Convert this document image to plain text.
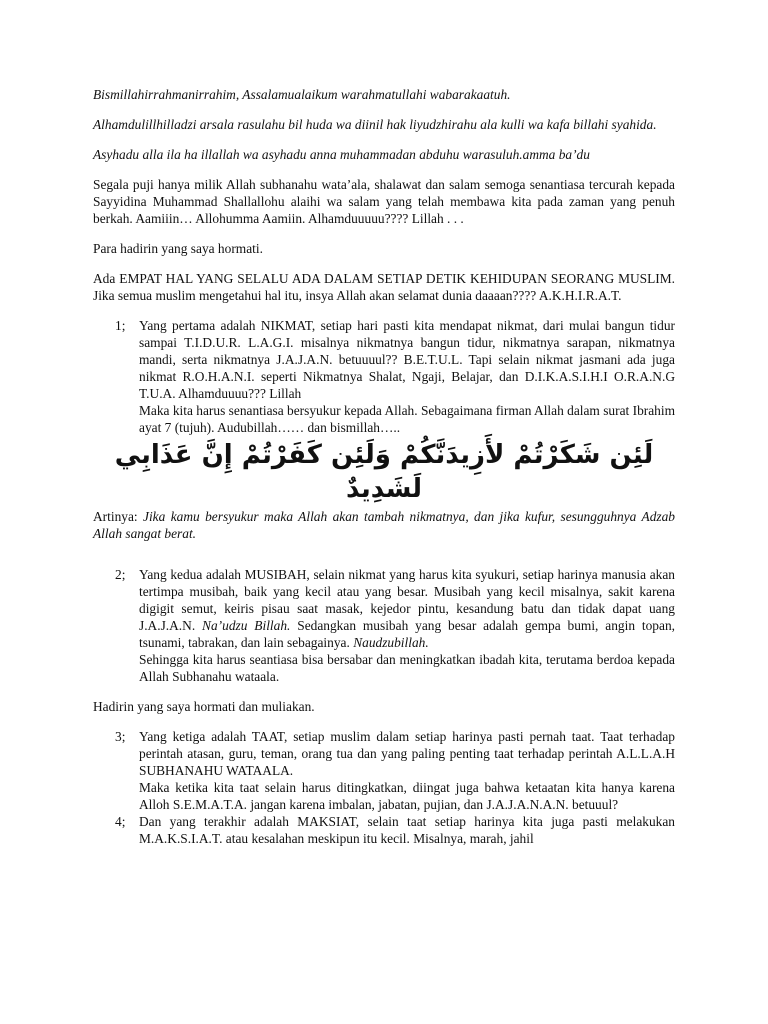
Bismillahirrahmanirrahim, Assalamualaikum warahmatullahi wabarakaatuh.

Alhamdulillhilladzi arsala rasulahu bil huda wa diinil hak liyudzhirahu ala kulli wa kafa billahi syahida.

Asyhadu alla ila ha illallah wa asyhadu anna muhammadan abduhu warasuluh.amma ba’du

Segala puji hanya milik Allah subhanahu wata’ala, shalawat dan salam semoga senantiasa tercurah kepada Sayyidina Muhammad Shallallohu alaihi wa salam yang telah membawa kita pada zaman yang penuh berkah. Aamiiin… Allohumma Aamiin. Alhamduuuuu???? Lillah . . .

Para hadirin yang saya hormati.

Ada EMPAT HAL YANG SELALU ADA DALAM SETIAP DETIK KEHIDUPAN SEORANG MUSLIM. Jika semua muslim mengetahui hal itu, insya Allah akan selamat dunia daaaan???? A.K.H.I.R.A.T.

1; Yang pertama adalah NIKMAT, setiap hari pasti kita mendapat nikmat, dari mulai bangun tidur sampai T.I.D.U.R. L.A.G.I. misalnya nikmatnya bangun tidur, nikmatnya sarapan, nikmatnya mandi, serta nikmatnya J.A.J.A.N. betuuuul?? B.E.T.U.L. Tapi selain nikmat jasmani ada juga nikmat R.O.H.A.N.I. seperti Nikmatnya Shalat, Ngaji, Belajar, dan D.I.K.A.S.I.H.I O.R.A.N.G T.U.A. Alhamduuuu??? Lillah

Maka kita harus senantiasa bersyukur kepada Allah. Sebagaimana firman Allah dalam surat Ibrahim ayat 7 (tujuh). Audubillah…… dan bismillah…..

لَئِن شَكَرْتُمْ لأَزِيدَنَّكُمْ وَلَئِن كَفَرْتُمْ إِنَّ عَذَابِي لَشَدِيدٌ

Artinya: Jika kamu bersyukur maka Allah akan tambah nikmatnya, dan jika kufur, sesungguhnya Adzab Allah sangat berat.

2; Yang kedua adalah MUSIBAH, selain nikmat yang harus kita syukuri, setiap harinya manusia akan tertimpa musibah, baik yang kecil atau yang besar. Musibah yang kecil misalnya, sakit karena digigit semut, keiris pisau saat masak, kejedor pintu, kesandung batu dan tidak dapat uang J.A.J.A.N. Na’udzu Billah. Sedangkan musibah yang besar adalah gempa bumi, angin topan, tsunami, tabrakan, dan lain sebagainya. Naudzubillah.

Sehingga kita harus seantiasa bisa bersabar dan meningkatkan ibadah kita, terutama berdoa kepada Allah Subhanahu wataala.

Hadirin yang saya hormati dan muliakan.

3; Yang ketiga adalah TAAT, setiap muslim dalam setiap harinya pasti pernah taat. Taat terhadap perintah atasan, guru, teman, orang tua dan yang paling penting taat terhadap perintah A.L.L.A.H SUBHANAHU WATAALA.

Maka ketika kita taat selain harus ditingkatkan, diingat juga bahwa ketaatan kita hanya karena Alloh S.E.M.A.T.A. jangan karena imbalan, jabatan, pujian, dan J.A.J.A.N.A.N. betuuul?

4; Dan yang terakhir adalah MAKSIAT, selain taat setiap harinya kita juga pasti melakukan M.A.K.S.I.A.T. atau kesalahan meskipun itu kecil. Misalnya, marah, jahil
